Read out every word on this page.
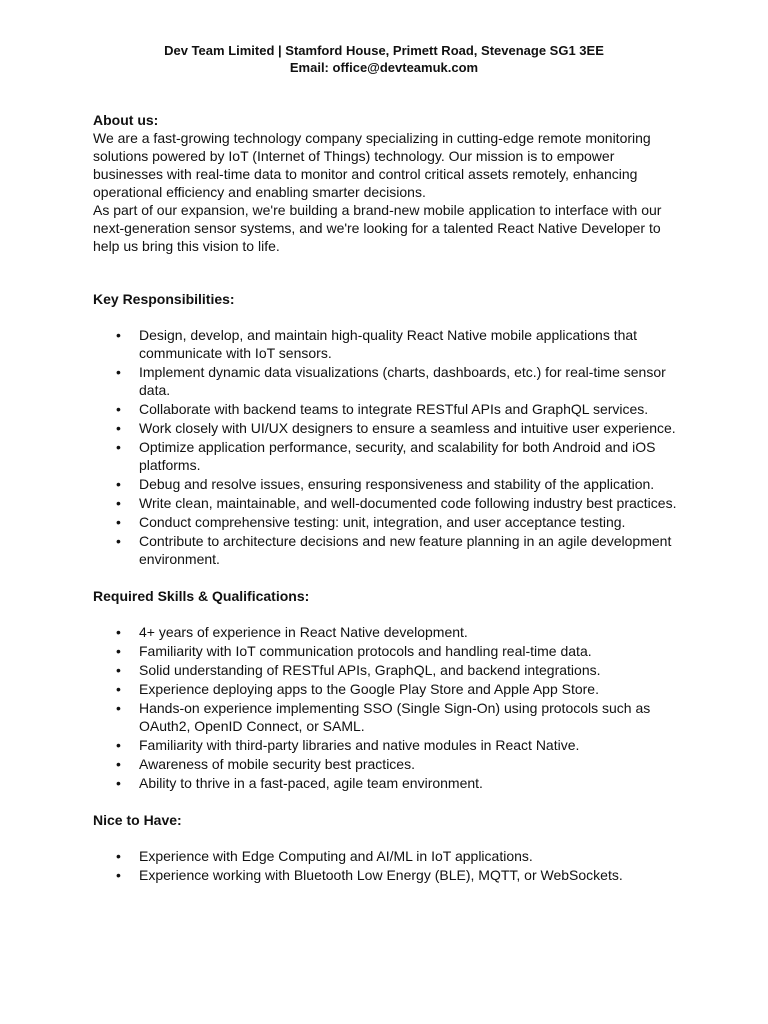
Dev Team Limited | Stamford House, Primett Road, Stevenage SG1 3EE
Email: office@devteamuk.com

About us:

We are a fast-growing technology company specializing in cutting-edge remote monitoring solutions powered by IoT (Internet of Things) technology. Our mission is to empower businesses with real-time data to monitor and control critical assets remotely, enhancing operational efficiency and enabling smarter decisions.

As part of our expansion, we're building a brand-new mobile application to interface with our next-generation sensor systems, and we're looking for a talented React Native Developer to help us bring this vision to life.

Key Responsibilities:

• Design, develop, and maintain high-quality React Native mobile applications that communicate with IoT sensors.
• Implement dynamic data visualizations (charts, dashboards, etc.) for real-time sensor data.
• Collaborate with backend teams to integrate RESTful APIs and GraphQL services.
• Work closely with UI/UX designers to ensure a seamless and intuitive user experience.
• Optimize application performance, security, and scalability for both Android and iOS platforms.
• Debug and resolve issues, ensuring responsiveness and stability of the application.
• Write clean, maintainable, and well-documented code following industry best practices.
• Conduct comprehensive testing: unit, integration, and user acceptance testing.
• Contribute to architecture decisions and new feature planning in an agile development environment.

Required Skills & Qualifications:

• 4+ years of experience in React Native development.
• Familiarity with IoT communication protocols and handling real-time data.
• Solid understanding of RESTful APIs, GraphQL, and backend integrations.
• Experience deploying apps to the Google Play Store and Apple App Store.
• Hands-on experience implementing SSO (Single Sign-On) using protocols such as OAuth2, OpenID Connect, or SAML.
• Familiarity with third-party libraries and native modules in React Native.
• Awareness of mobile security best practices.
• Ability to thrive in a fast-paced, agile team environment.

Nice to Have:

• Experience with Edge Computing and AI/ML in IoT applications.
• Experience working with Bluetooth Low Energy (BLE), MQTT, or WebSockets.
